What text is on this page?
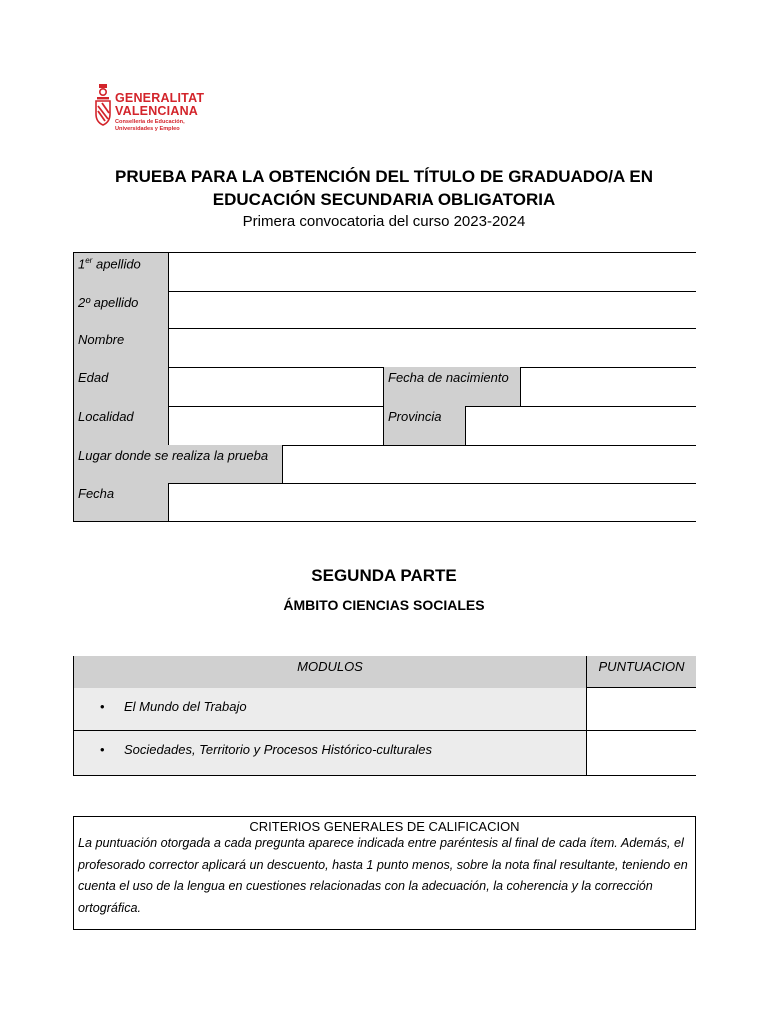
GENERALITAT
VALENCIANA
Conselleria de Educación,
Universidades y Empleo
PRUEBA PARA LA OBTENCIÓN DEL TÍTULO DE GRADUADO/A EN
EDUCACIÓN SECUNDARIA OBLIGATORIA
Primera convocatoria del curso 2023-2024
1er apellido
2º apellido
Nombre
Edad	Fecha de nacimiento
Localidad	Provincia
Lugar donde se realiza la prueba
Fecha
SEGUNDA PARTE
ÁMBITO CIENCIAS SOCIALES
MODULOS	PUNTUACION
• El Mundo del Trabajo
• Sociedades, Territorio y Procesos Histórico-culturales
CRITERIOS GENERALES DE CALIFICACION
La puntuación otorgada a cada pregunta aparece indicada entre paréntesis al final de cada ítem. Además, el profesorado corrector aplicará un descuento, hasta 1 punto menos, sobre la nota final resultante, teniendo en cuenta el uso de la lengua en cuestiones relacionadas con la adecuación, la coherencia y la corrección ortográfica.
